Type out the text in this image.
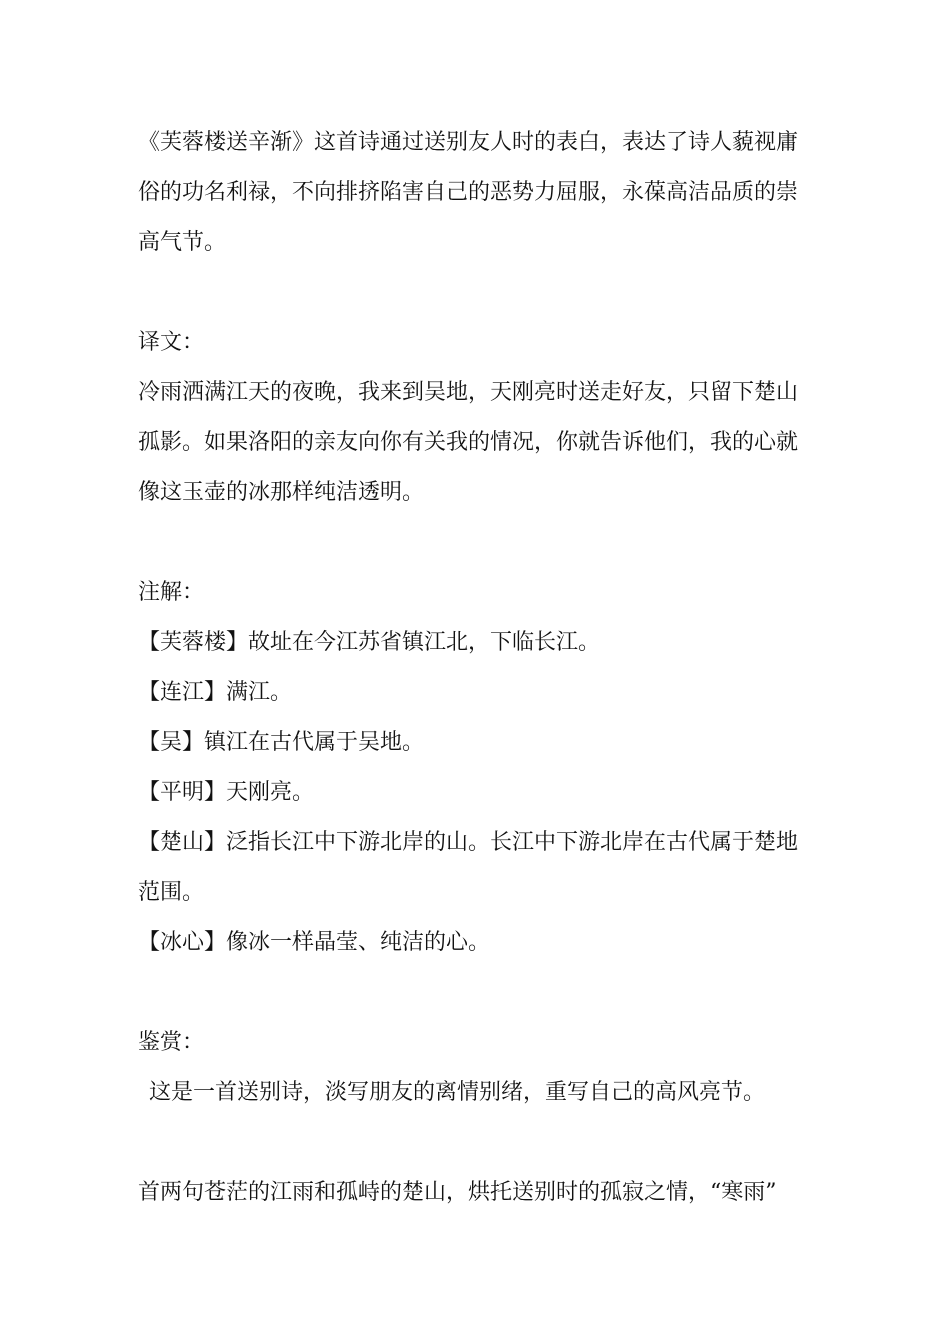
《芙蓉楼送辛渐》这首诗通过送别友人时的表白，表达了诗人藐视庸俗的功名利禄，不向排挤陷害自己的恶势力屈服，永葆高洁品质的崇高气节。

译文：

冷雨洒满江天的夜晚，我来到吴地，天刚亮时送走好友，只留下楚山孤影。如果洛阳的亲友向你有关我的情况，你就告诉他们，我的心就像这玉壶的冰那样纯洁透明。

注解：

【芙蓉楼】故址在今江苏省镇江北，下临长江。

【连江】满江。

【吴】镇江在古代属于吴地。

【平明】天刚亮。

【楚山】泛指长江中下游北岸的山。长江中下游北岸在古代属于楚地范围。

【冰心】像冰一样晶莹、纯洁的心。

鉴赏：

这是一首送别诗，淡写朋友的离情别绪，重写自己的高风亮节。

首两句苍茫的江雨和孤峙的楚山，烘托送别时的孤寂之情，“寒雨”
